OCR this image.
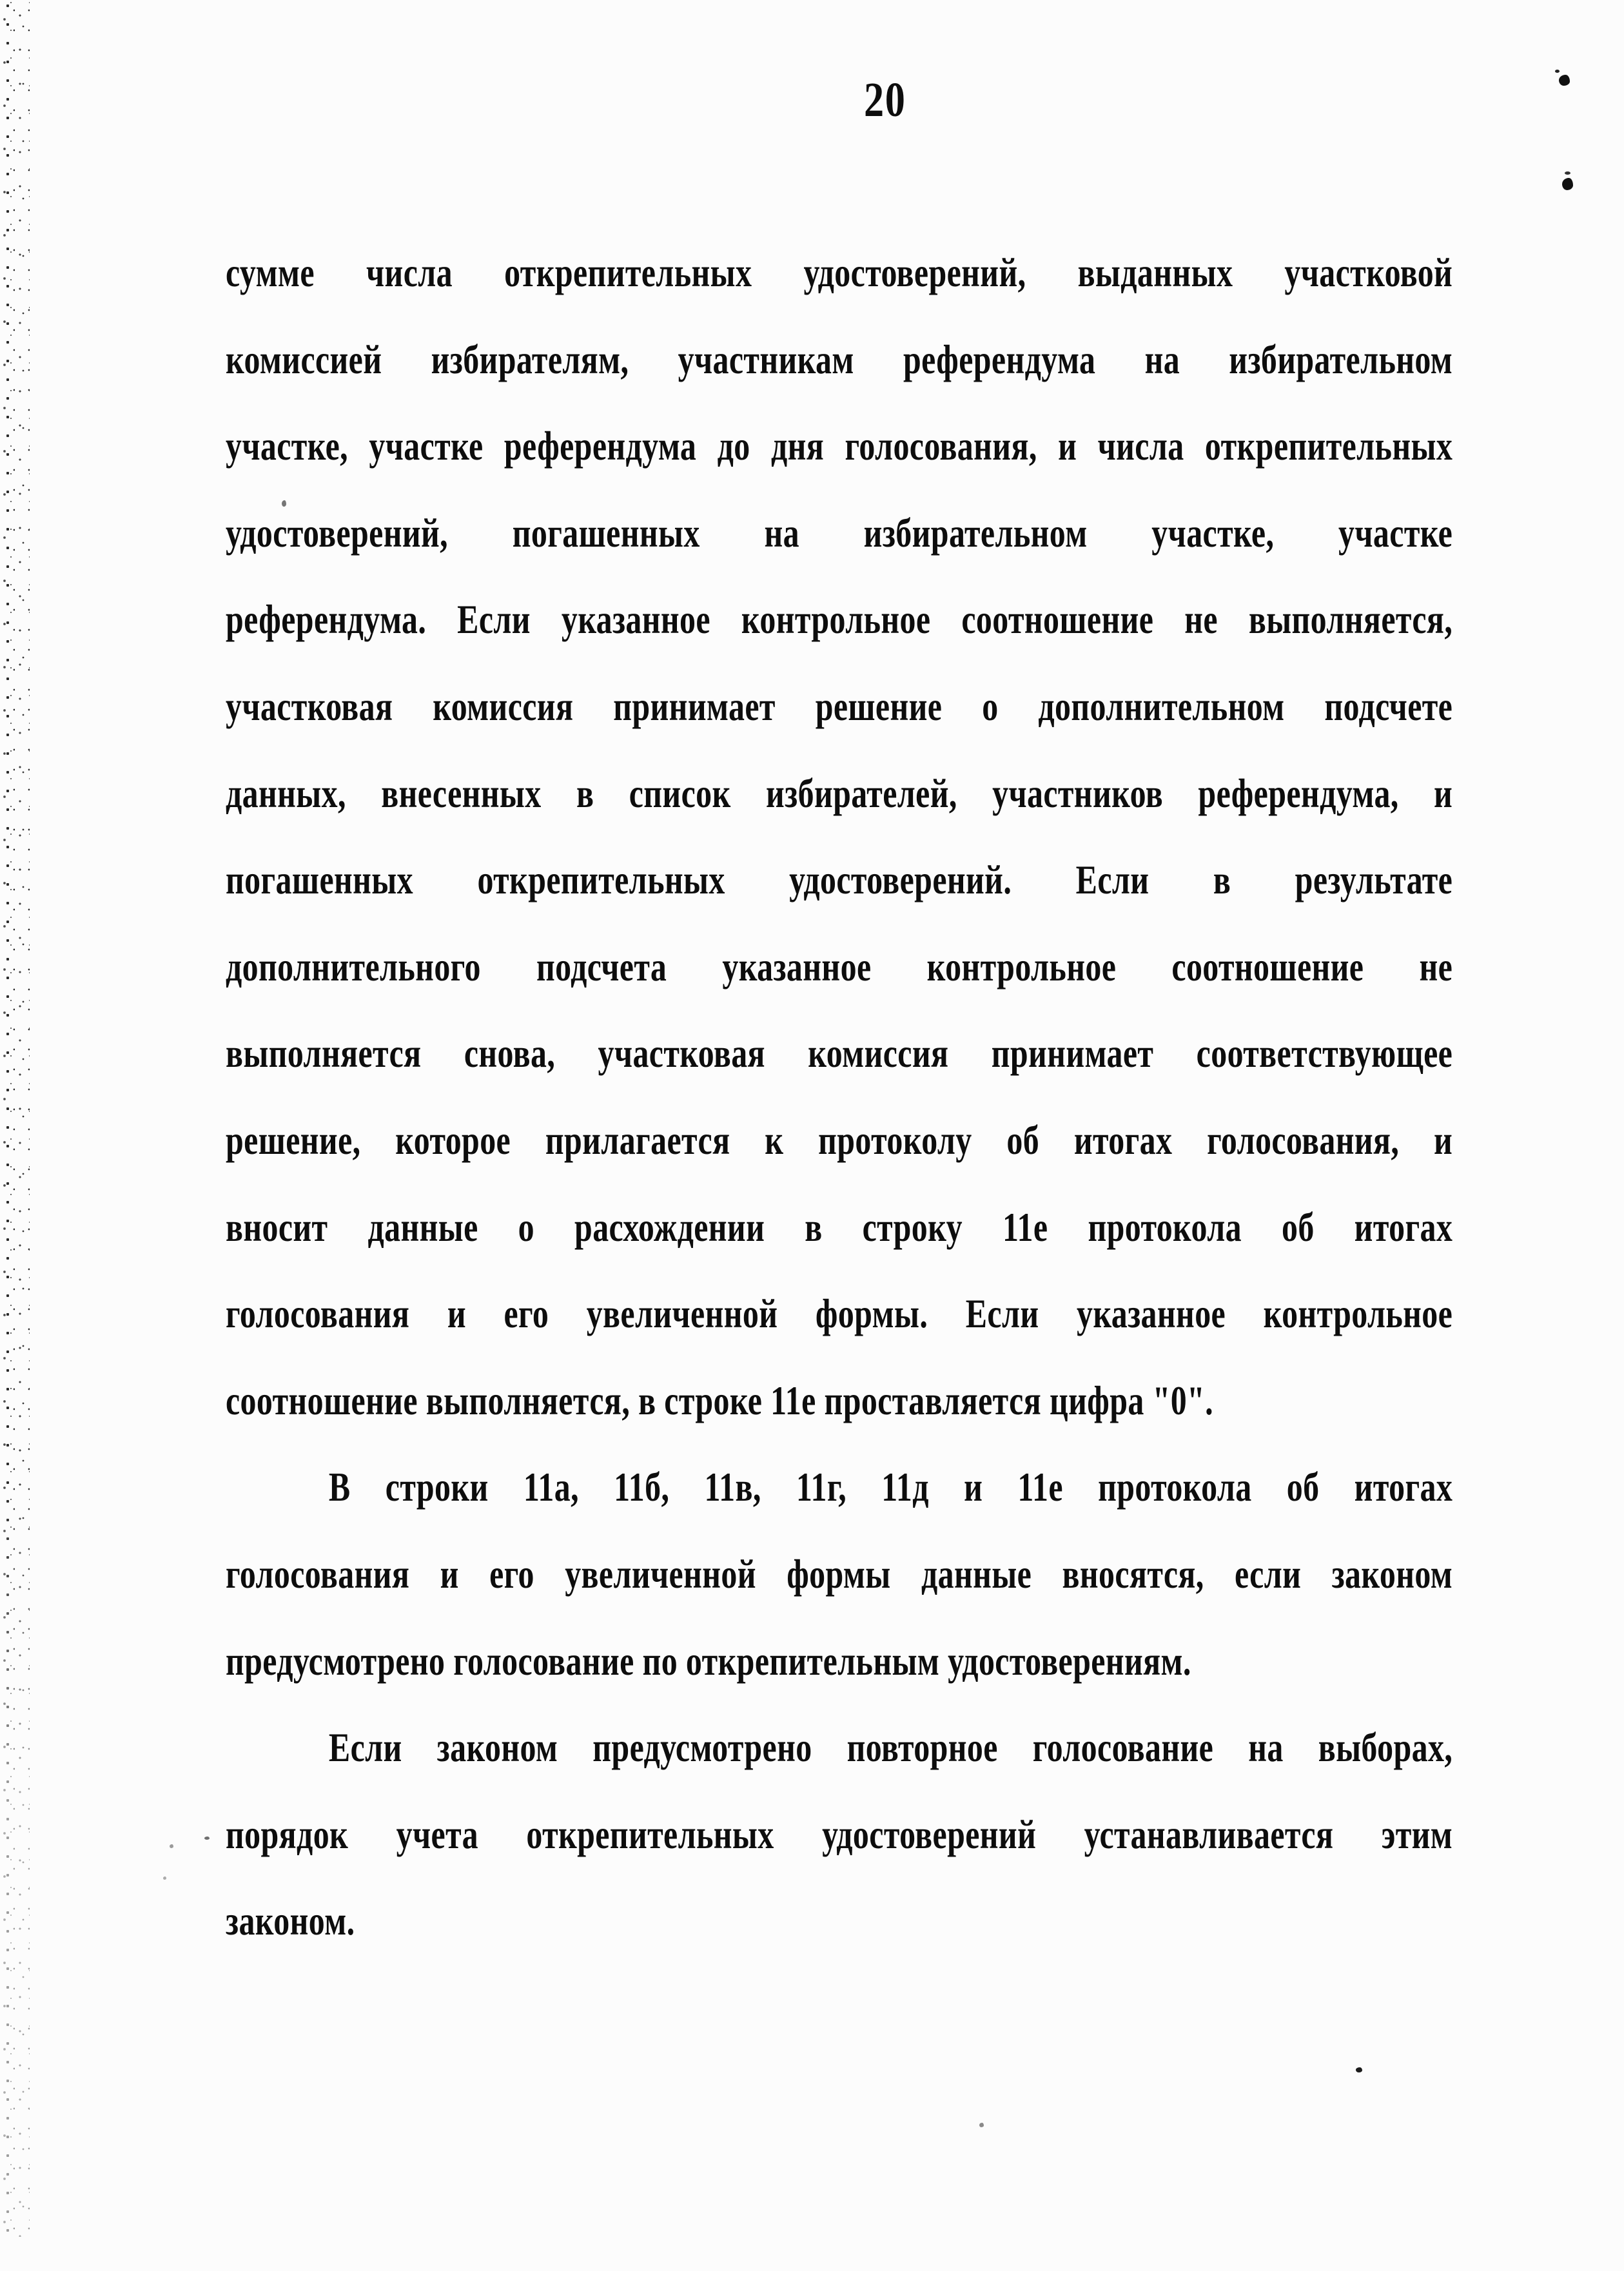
20
сумме числа открепительных удостоверений, выданных участковой
комиссией избирателям, участникам референдума на избирательном
участке, участке референдума до дня голосования, и числа открепительных
удостоверений, погашенных на избирательном участке, участке
референдума. Если указанное контрольное соотношение не выполняется,
участковая комиссия принимает решение о дополнительном подсчете
данных, внесенных в список избирателей, участников референдума, и
погашенных открепительных удостоверений. Если в результате
дополнительного подсчета указанное контрольное соотношение не
выполняется снова, участковая комиссия принимает соответствующее
решение, которое прилагается к протоколу об итогах голосования, и
вносит данные о расхождении в строку 11е протокола об итогах
голосования и его увеличенной формы. Если указанное контрольное
соотношение выполняется, в строке 11е проставляется цифра "0".
В строки 11а, 11б, 11в, 11г, 11д и 11е протокола об итогах
голосования и его увеличенной формы данные вносятся, если законом
предусмотрено голосование по открепительным удостоверениям.
Если законом предусмотрено повторное голосование на выборах,
порядок учета открепительных удостоверений устанавливается этим
законом.
